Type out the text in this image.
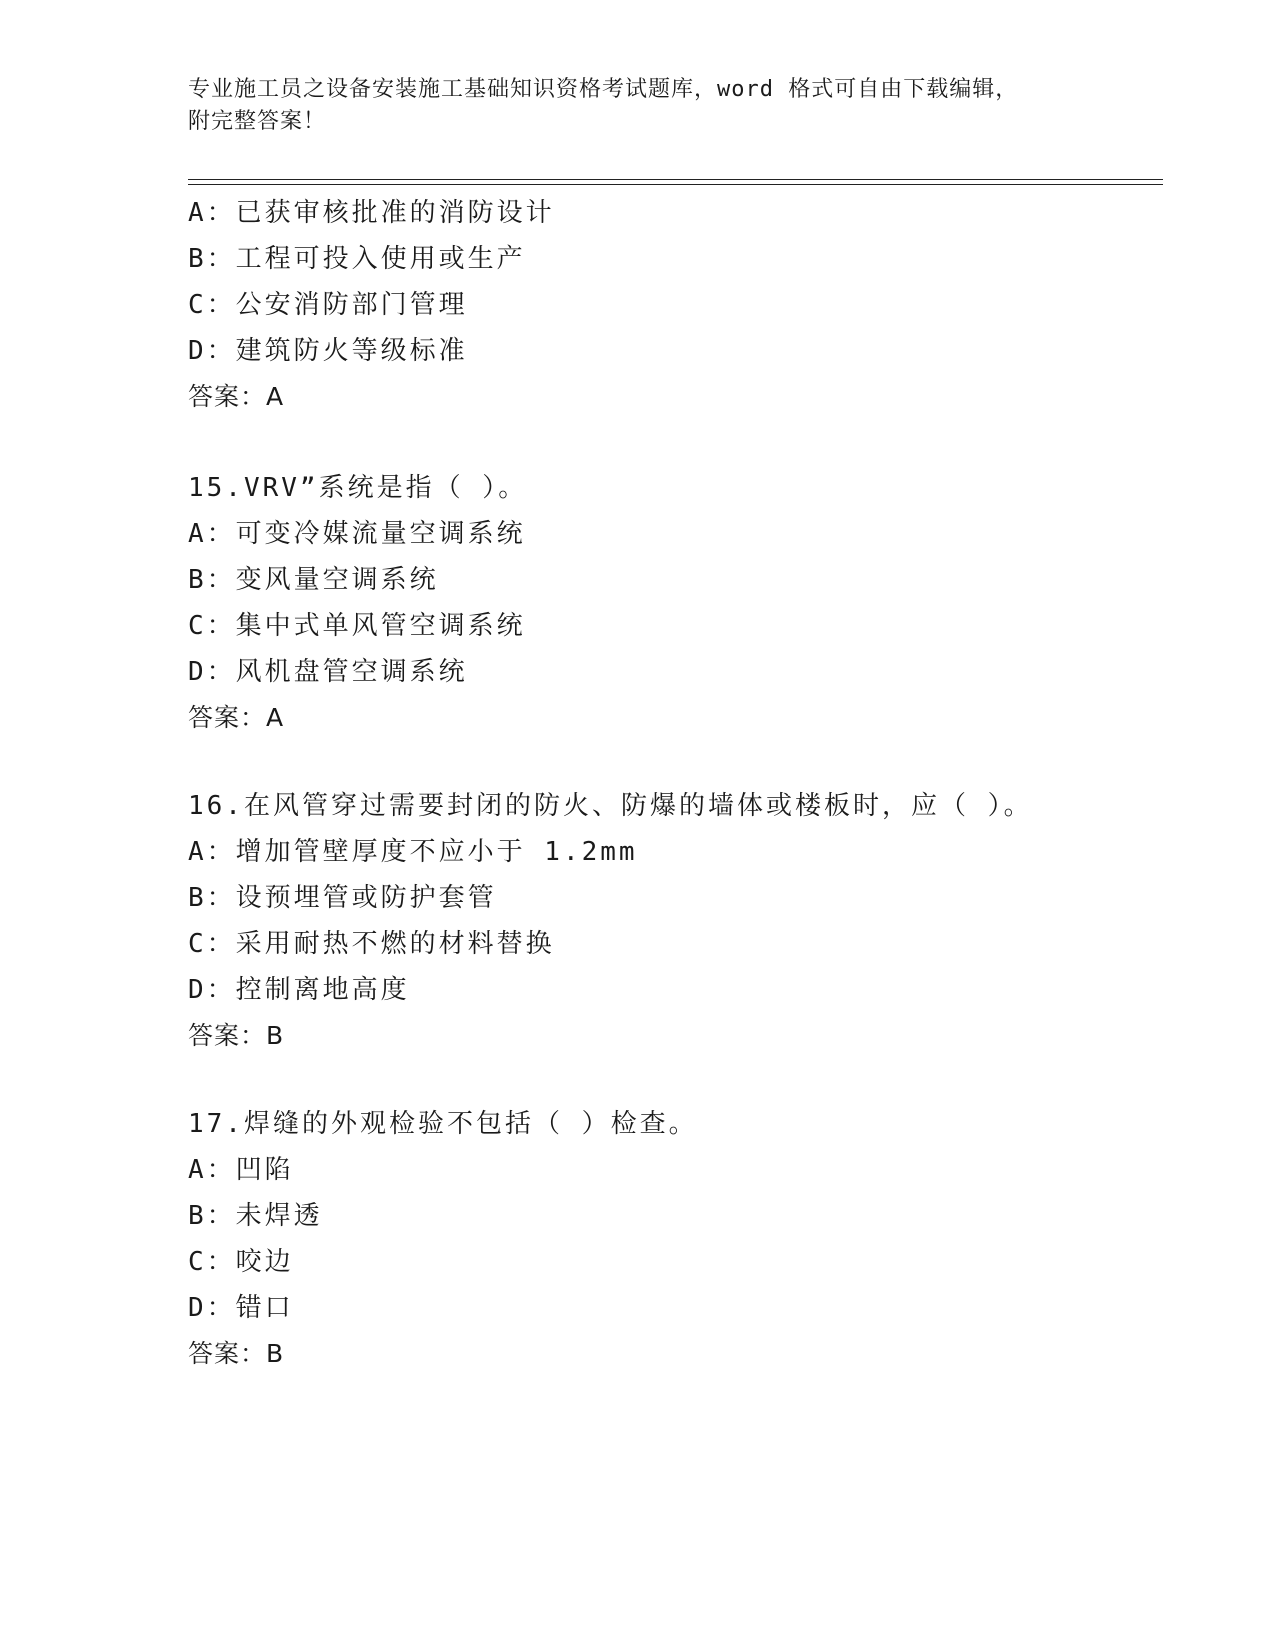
专业施工员之设备安装施工基础知识资格考试题库，word 格式可自由下载编辑，
附完整答案！
A：已获审核批准的消防设计
B：工程可投入使用或生产
C：公安消防部门管理
D：建筑防火等级标准
答案：A
15.VRV”系统是指（ ）。
A：可变冷媒流量空调系统
B：变风量空调系统
C：集中式单风管空调系统
D：风机盘管空调系统
答案：A
16.在风管穿过需要封闭的防火、防爆的墙体或楼板时，应（ ）。
A：增加管壁厚度不应小于 1.2mm
B：设预埋管或防护套管
C：采用耐热不燃的材料替换
D：控制离地高度
答案：B
17.焊缝的外观检验不包括（ ）检查。
A：凹陷
B：未焊透
C：咬边
D：错口
答案：B
